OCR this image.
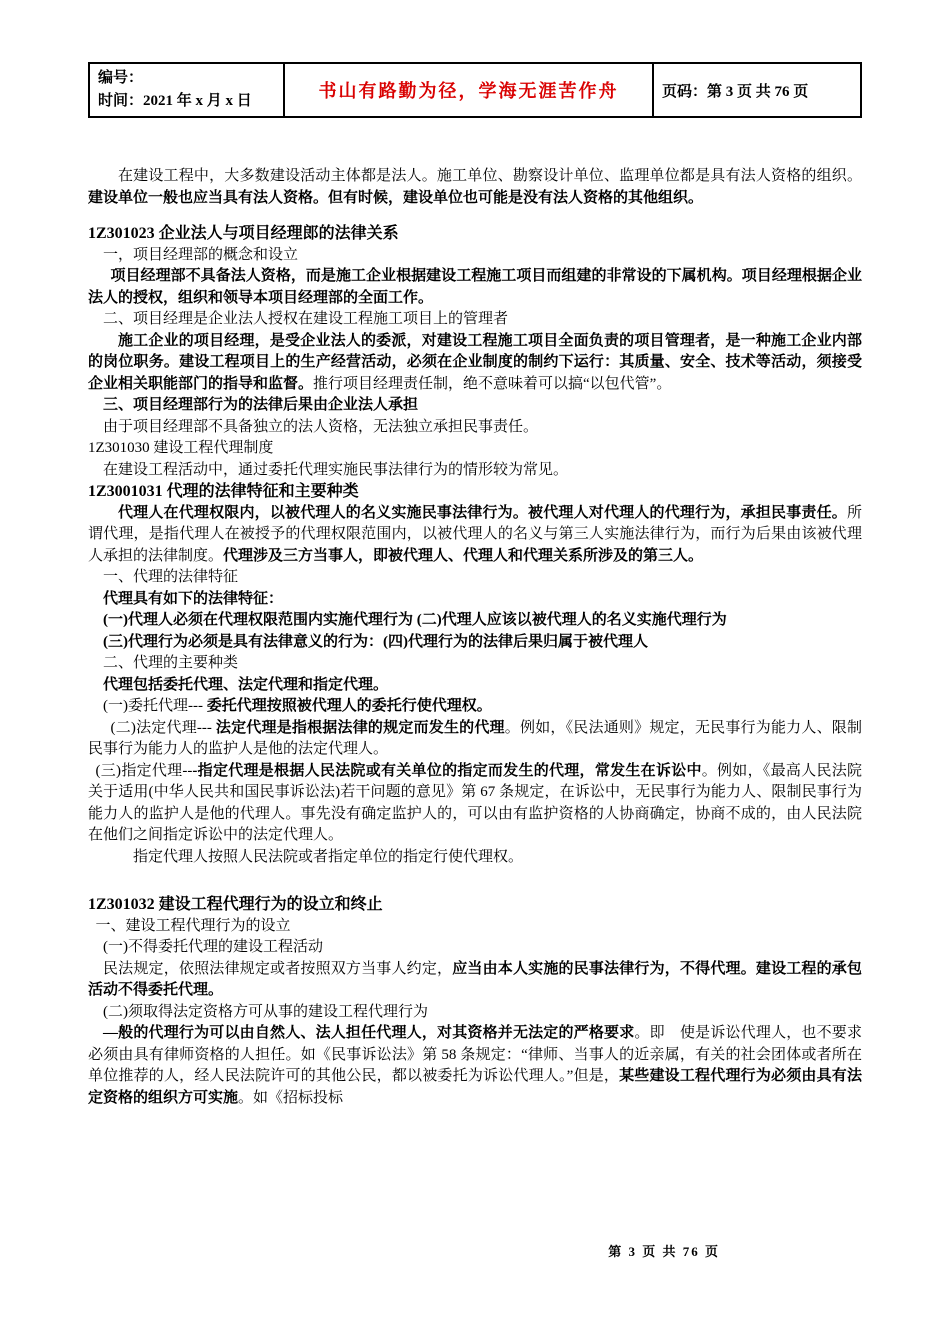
编号：
时间：2021 年 x 月 x 日	书山有路勤为径，学海无涯苦作舟	页码：第 3 页 共 76 页

在建设工程中，大多数建设活动主体都是法人。施工单位、勘察设计单位、监理单位都是具有法人资格的组织。建设单位一般也应当具有法人资格。但有时候，建设单位也可能是没有法人资格的其他组织。

1Z301023 企业法人与项目经理郎的法律关系

一，项目经理部的概念和设立

项目经理部不具备法人资格，而是施工企业根据建设工程施工项目而组建的非常设的下属机构。项目经理根据企业法人的授权，组织和领导本项目经理部的全面工作。

二、项目经理是企业法人授权在建设工程施工项目上的管理者

施工企业的项目经理，是受企业法人的委派，对建设工程施工项目全面负责的项目管理者，是一种施工企业内部的岗位职务。建设工程项目上的生产经营活动，必须在企业制度的制约下运行：其质量、安全、技术等活动，须接受企业相关职能部门的指导和监督。推行项目经理责任制，绝不意味着可以搞“以包代管”。

三、项目经理部行为的法律后果由企业法人承担

由于项目经理部不具备独立的法人资格，无法独立承担民事责任。

1Z301030 建设工程代理制度

在建设工程活动中，通过委托代理实施民事法律行为的情形较为常见。

1Z3001031 代理的法律特征和主要种类

代理人在代理权限内，以被代理人的名义实施民事法律行为。被代理人对代理人的代理行为，承担民事责任。所谓代理，是指代理人在被授予的代理权限范围内，以被代理人的名义与第三人实施法律行为，而行为后果由该被代理人承担的法律制度。代理涉及三方当事人，即被代理人、代理人和代理关系所涉及的第三人。

一、代理的法律特征

代理具有如下的法律特征：

(一)代理人必须在代理权限范围内实施代理行为 (二)代理人应该以被代理人的名义实施代理行为

(三)代理行为必须是具有法律意义的行为：(四)代理行为的法律后果归属于被代理人

二、代理的主要种类

代理包括委托代理、法定代理和指定代理。

(一)委托代理--- 委托代理按照被代理人的委托行使代理权。

(二)法定代理--- 法定代理是指根据法律的规定而发生的代理。例如，《民法通则》规定，无民事行为能力人、限制民事行为能力人的监护人是他的法定代理人。

(三)指定代理---指定代理是根据人民法院或有关单位的指定而发生的代理，常发生在诉讼中。例如，《最高人民法院关于适用(中华人民共和国民事诉讼法)若干问题的意见》第 67 条规定，在诉讼中，无民事行为能力人、限制民事行为能力人的监护人是他的代理人。事先没有确定监护人的，可以由有监护资格的人协商确定，协商不成的，由人民法院在他们之间指定诉讼中的法定代理人。

指定代理人按照人民法院或者指定单位的指定行使代理权。

1Z301032 建设工程代理行为的设立和终止

一、建设工程代理行为的设立

(一)不得委托代理的建设工程活动

民法规定，依照法律规定或者按照双方当事人约定，应当由本人实施的民事法律行为，不得代理。建设工程的承包活动不得委托代理。

(二)须取得法定资格方可从事的建设工程代理行为

—般的代理行为可以由自然人、法人担任代理人，对其资格并无法定的严格要求。即　使是诉讼代理人，也不要求必须由具有律师资格的人担任。如《民事诉讼法》第 58 条规定：“律师、当事人的近亲属，有关的社会团体或者所在单位推荐的人，经人民法院许可的其他公民，都以被委托为诉讼代理人。”但是，某些建设工程代理行为必须由具有法定资格的组织方可实施。如《招标投标

第 3 页 共 76 页
